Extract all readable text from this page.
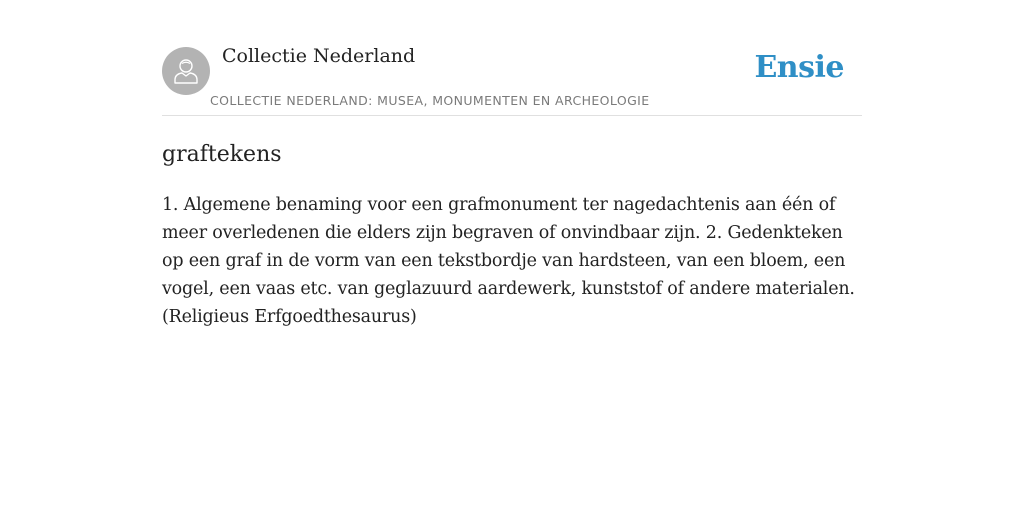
Collectie Nederland
COLLECTIE NEDERLAND: MUSEA, MONUMENTEN EN ARCHEOLOGIE
Ensie
graftekens

1. Algemene benaming voor een grafmonument ter nagedachtenis aan één of meer overledenen die elders zijn begraven of onvindbaar zijn. 2. Gedenkteken op een graf in de vorm van een tekstbordje van hardsteen, van een bloem, een vogel, een vaas etc. van geglazuurd aardewerk, kunststof of andere materialen. (Religieus Erfgoedthesaurus)
